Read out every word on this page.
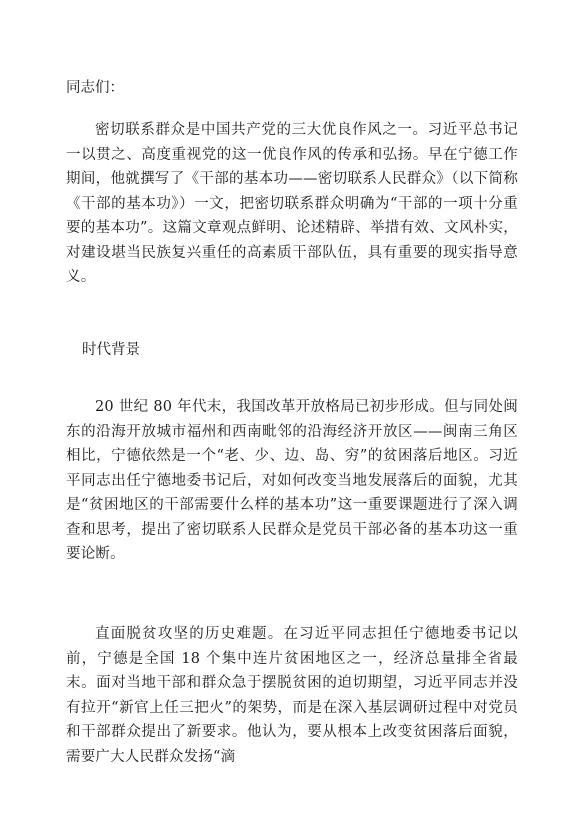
同志们：

密切联系群众是中国共产党的三大优良作风之一。习近平总书记一以贯之、高度重视党的这一优良作风的传承和弘扬。早在宁德工作期间，他就撰写了《干部的基本功——密切联系人民群众》（以下简称《干部的基本功》）一文，把密切联系群众明确为“干部的一项十分重要的基本功”。这篇文章观点鲜明、论述精辟、举措有效、文风朴实，对建设堪当民族复兴重任的高素质干部队伍，具有重要的现实指导意义。

时代背景

20 世纪 80 年代末，我国改革开放格局已初步形成。但与同处闽东的沿海开放城市福州和西南毗邻的沿海经济开放区——闽南三角区相比，宁德依然是一个“老、少、边、岛、穷”的贫困落后地区。习近平同志出任宁德地委书记后，对如何改变当地发展落后的面貌，尤其是“贫困地区的干部需要什么样的基本功”这一重要课题进行了深入调查和思考，提出了密切联系人民群众是党员干部必备的基本功这一重要论断。

直面脱贫攻坚的历史难题。在习近平同志担任宁德地委书记以前，宁德是全国 18 个集中连片贫困地区之一，经济总量排全省最末。面对当地干部和群众急于摆脱贫困的迫切期望，习近平同志并没有拉开“新官上任三把火”的架势，而是在深入基层调研过程中对党员和干部群众提出了新要求。他认为，要从根本上改变贫困落后面貌，需要广大人民群众发扬“滴
